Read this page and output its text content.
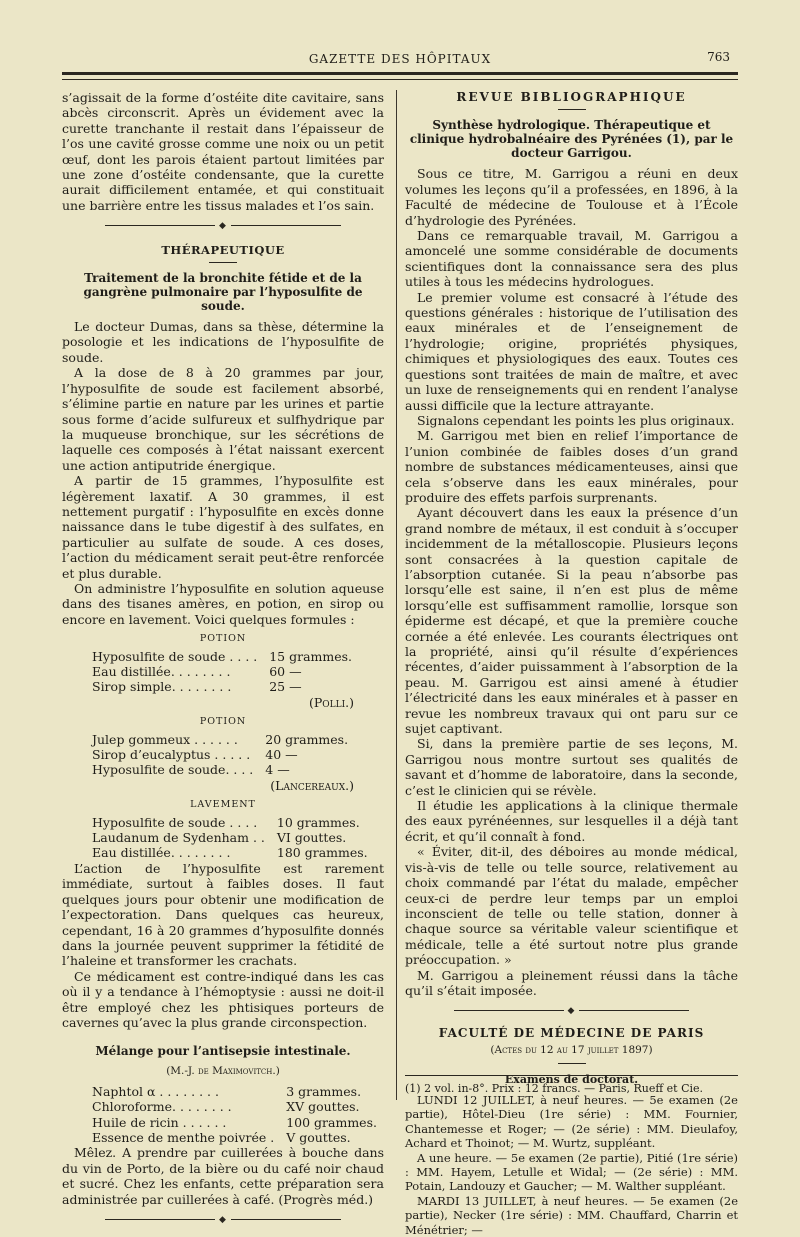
GAZETTE DES HÔPITAUX	763

s’agissait de la forme d’ostéite dite cavitaire, sans abcès circonscrit. Après un évidement avec la curette tranchante il restait dans l’épaisseur de l’os une cavité grosse comme une noix ou un petit œuf, dont les parois étaient partout limitées par une zone d’ostéite condensante, que la curette aurait difficilement entamée, et qui constituait une barrière entre les tissus malades et l’os sain.

◆
THÉRAPEUTIQUE
Traitement de la bronchite fétide et de la gangrène pulmonaire par l’hyposulfite de soude.

Le docteur Dumas, dans sa thèse, détermine la posologie et les indications de l’hyposulfite de soude.

A la dose de 8 à 20 grammes par jour, l’hyposulfite de soude est facilement absorbé, s’élimine partie en nature par les urines et partie sous forme d’acide sulfureux et sulfhydrique par la muqueuse bronchique, sur les sécrétions de laquelle ces composés à l’état naissant exercent une action antiputride énergique.

A partir de 15 grammes, l’hyposulfite est légèrement laxatif. A 30 grammes, il est nettement purgatif : l’hyposulfite en excès donne naissance dans le tube digestif à des sulfates, en particulier au sulfate de soude. A ces doses, l’action du médicament serait peut-être renforcée et plus durable.

On administre l’hyposulfite en solution aqueuse dans des tisanes amères, en potion, en sirop ou encore en lavement. Voici quelques formules :

POTION
Hyposulfite de soude . . . .	15 grammes.
Eau distillée. . . . . . . .	60 —
Sirop simple. . . . . . . .	25 —
(Polli.)
POTION
Julep gommeux . . . . . .	20 grammes.
Sirop d’eucalyptus . . . . .	40 —
Hyposulfite de soude. . . .	4 —
(Lancereaux.)
LAVEMENT
Hyposulfite de soude . . . .	10 grammes.
Laudanum de Sydenham . .	VI gouttes.
Eau distillée. . . . . . . .	180 grammes.

L’action de l’hyposulfite est rarement immédiate, surtout à faibles doses. Il faut quelques jours pour obtenir une modification de l’expectoration. Dans quelques cas heureux, cependant, 16 à 20 grammes d’hyposulfite donnés dans la journée peuvent supprimer la fétidité de l’haleine et transformer les crachats.

Ce médicament est contre-indiqué dans les cas où il y a tendance à l’hémoptysie : aussi ne doit-il être employé chez les phtisiques porteurs de cavernes qu’avec la plus grande circonspection.

Mélange pour l’antisepsie intestinale.
(M.-J. de Maximovitch.)
Naphtol α . . . . . . . .	3 grammes.
Chloroforme. . . . . . . .	XV gouttes.
Huile de ricin . . . . . .	100 grammes.
Essence de menthe poivrée .	V gouttes.

Mêlez. A prendre par cuillerées à bouche dans du vin de Porto, de la bière ou du café noir chaud et sucré. Chez les enfants, cette préparation sera administrée par cuillerées à café. (Progrès méd.)

◆
REVUE BIBLIOGRAPHIQUE
Synthèse hydrologique. Thérapeutique et clinique hydrobalnéaire des Pyrénées (1), par le docteur Garrigou.

Sous ce titre, M. Garrigou a réuni en deux volumes les leçons qu’il a professées, en 1896, à la Faculté de médecine de Toulouse et à l’École d’hydrologie des Pyrénées.

Dans ce remarquable travail, M. Garrigou a amoncelé une somme considérable de documents scientifiques dont la connaissance sera des plus utiles à tous les médecins hydrologues.

Le premier volume est consacré à l’étude des questions générales : historique de l’utilisation des eaux minérales et de l’enseignement de l’hydrologie; origine, propriétés physiques, chimiques et physiologiques des eaux. Toutes ces questions sont traitées de main de maître, et avec un luxe de renseignements qui en rendent l’analyse aussi difficile que la lecture attrayante.

Signalons cependant les points les plus originaux.

M. Garrigou met bien en relief l’importance de l’union combinée de faibles doses d’un grand nombre de substances médicamenteuses, ainsi que cela s’observe dans les eaux minérales, pour produire des effets parfois surprenants.

Ayant découvert dans les eaux la présence d’un grand nombre de métaux, il est conduit à s’occuper incidemment de la métalloscopie. Plusieurs leçons sont consacrées à la question capitale de l’absorption cutanée. Si la peau n’absorbe pas lorsqu’elle est saine, il n’en est plus de même lorsqu’elle est suffisamment ramollie, lorsque son épiderme est décapé, et que la première couche cornée a été enlevée. Les courants électriques ont la propriété, ainsi qu’il résulte d’expériences récentes, d’aider puissamment à l’absorption de la peau. M. Garrigou est ainsi amené à étudier l’électricité dans les eaux minérales et à passer en revue les nombreux travaux qui ont paru sur ce sujet captivant.

Si, dans la première partie de ses leçons, M. Garrigou nous montre surtout ses qualités de savant et d’homme de laboratoire, dans la seconde, c’est le clinicien qui se révèle.

Il étudie les applications à la clinique thermale des eaux pyrénéennes, sur lesquelles il a déjà tant écrit, et qu’il connaît à fond.

« Éviter, dit-il, des déboires au monde médical, vis-à-vis de telle ou telle source, relativement au choix commandé par l’état du malade, empêcher ceux-ci de perdre leur temps par un emploi inconscient de telle ou telle station, donner à chaque source sa véritable valeur scientifique et médicale, telle a été surtout notre plus grande préoccupation. »

M. Garrigou a pleinement réussi dans la tâche qu’il s’était imposée.

◆
FACULTÉ DE MÉDECINE DE PARIS
(Actes du 12 au 17 juillet 1897)
Examens de doctorat.

LUNDI 12 JUILLET, à neuf heures. — 5e examen (2e partie), Hôtel-Dieu (1re série) : MM. Fournier, Chantemesse et Roger; — (2e série) : MM. Dieulafoy, Achard et Thoinot; — M. Wurtz, suppléant.

A une heure. — 5e examen (2e partie), Pitié (1re série) : MM. Hayem, Letulle et Widal; — (2e série) : MM. Potain, Landouzy et Gaucher; — M. Walther suppléant.

MARDI 13 JUILLET, à neuf heures. — 5e examen (2e partie), Necker (1re série) : MM. Chauffard, Charrin et Ménétrier; —

(1) 2 vol. in-8°. Prix : 12 francs. — Paris, Rueff et Cie.
